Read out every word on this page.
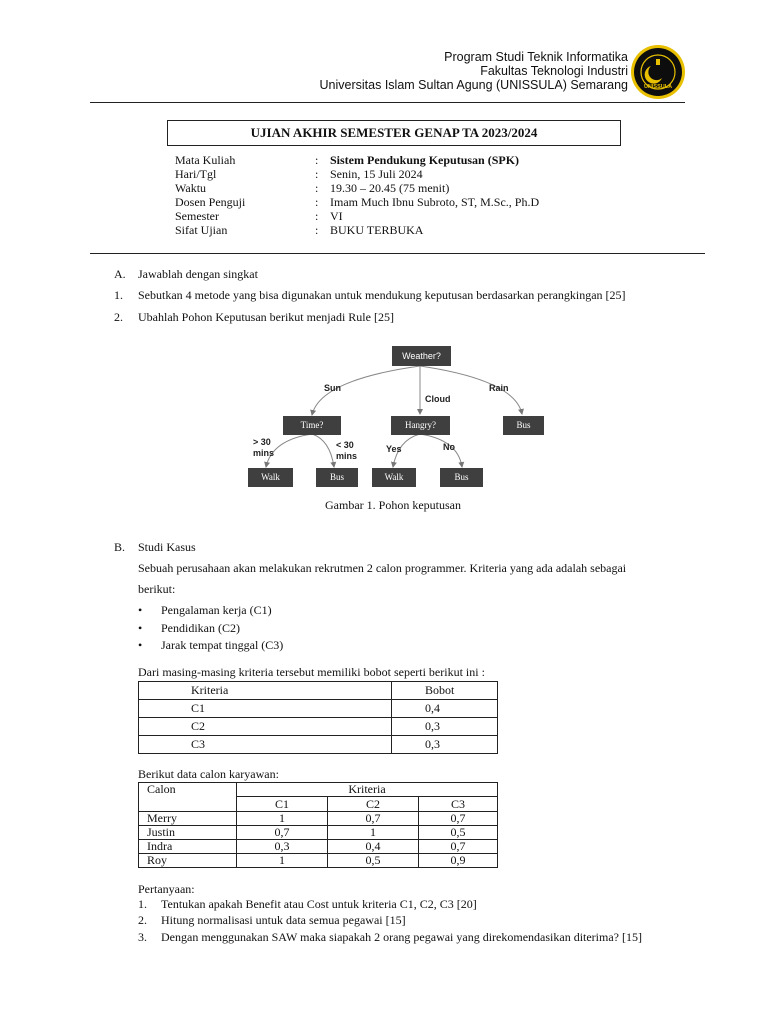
Program Studi Teknik Informatika
Fakultas Teknologi Industri
Universitas Islam Sultan Agung (UNISSULA) Semarang	UNISSULA
UJIAN AKHIR SEMESTER GENAP TA 2023/2024
Mata Kuliah	: Sistem Pendukung Keputusan (SPK)
Hari/Tgl	: Senin, 15 Juli 2024
Waktu	: 19.30 – 20.45 (75 menit)
Dosen Penguji	: Imam Much Ibnu Subroto, ST, M.Sc., Ph.D
Semester	: VI
Sifat Ujian	: BUKU TERBUKA
A. Jawablah dengan singkat
1. Sebutkan 4 metode yang bisa digunakan untuk mendukung keputusan berdasarkan perangkingan [25]
2. Ubahlah Pohon Keputusan berikut menjadi Rule [25]
Weather?
Sun
Cloud
Rain
Time?	Hangry?	Bus
> 30
mins
< 30
mins
Yes	No
Walk	Bus	Walk	Bus
Gambar 1. Pohon keputusan
B. Studi Kasus
Sebuah perusahaan akan melakukan rekrutmen 2 calon programmer. Kriteria yang ada adalah sebagai
berikut:
• Pengalaman kerja (C1)
• Pendidikan (C2)
• Jarak tempat tinggal (C3)
Dari masing-masing kriteria tersebut memiliki bobot seperti berikut ini :
Kriteria	Bobot
C1	0,4
C2	0,3
C3	0,3
Berikut data calon karyawan:
Calon	Kriteria		
	C1	C2	C3
Merry	1	0,7	0,7
Justin	0,7	1	0,5
Indra	0,3	0,4	0,7
Roy	1	0,5	0,9
Pertanyaan:
1. Tentukan apakah Benefit atau Cost untuk kriteria C1, C2, C3 [20]
2. Hitung normalisasi untuk data semua pegawai [15]
3. Dengan menggunakan SAW maka siapakah 2 orang pegawai yang direkomendasikan diterima? [15]
